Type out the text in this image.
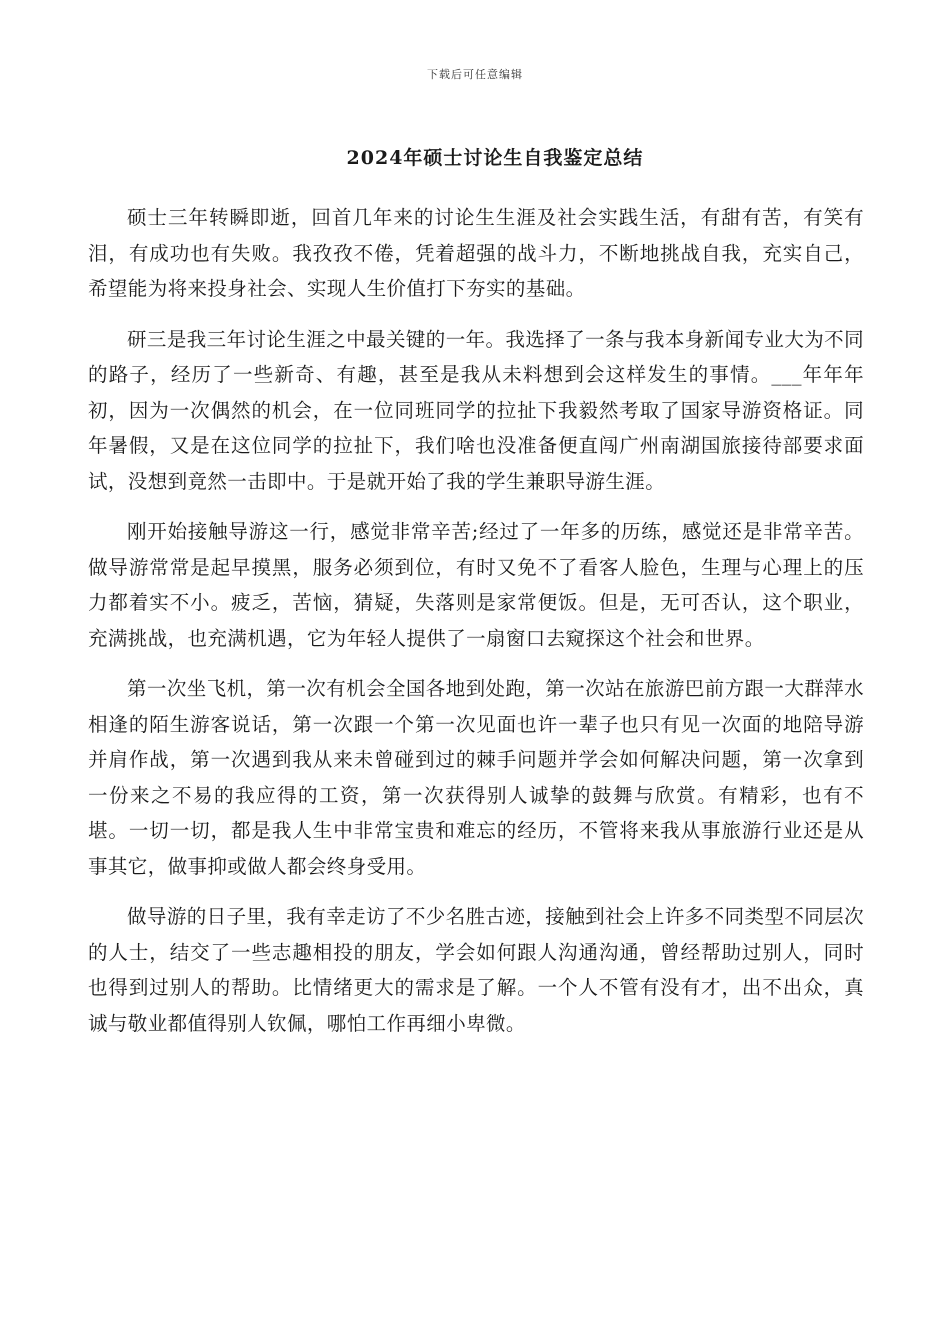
下载后可任意编辑
2024年硕士讨论生自我鉴定总结

硕士三年转瞬即逝，回首几年来的讨论生生涯及社会实践生活，有甜有苦，有笑有泪，有成功也有失败。我孜孜不倦，凭着超强的战斗力，不断地挑战自我，充实自己，希望能为将来投身社会、实现人生价值打下夯实的基础。

研三是我三年讨论生涯之中最关键的一年。我选择了一条与我本身新闻专业大为不同的路子，经历了一些新奇、有趣，甚至是我从未料想到会这样发生的事情。___年年年初，因为一次偶然的机会，在一位同班同学的拉扯下我毅然考取了国家导游资格证。同年暑假，又是在这位同学的拉扯下，我们啥也没准备便直闯广州南湖国旅接待部要求面试，没想到竟然一击即中。于是就开始了我的学生兼职导游生涯。

刚开始接触导游这一行，感觉非常辛苦;经过了一年多的历练，感觉还是非常辛苦。做导游常常是起早摸黑，服务必须到位，有时又免不了看客人脸色，生理与心理上的压力都着实不小。疲乏，苦恼，猜疑，失落则是家常便饭。但是，无可否认，这个职业，充满挑战，也充满机遇，它为年轻人提供了一扇窗口去窥探这个社会和世界。

第一次坐飞机，第一次有机会全国各地到处跑，第一次站在旅游巴前方跟一大群萍水相逢的陌生游客说话，第一次跟一个第一次见面也许一辈子也只有见一次面的地陪导游并肩作战，第一次遇到我从来未曾碰到过的棘手问题并学会如何解决问题，第一次拿到一份来之不易的我应得的工资，第一次获得别人诚挚的鼓舞与欣赏。有精彩，也有不堪。一切一切，都是我人生中非常宝贵和难忘的经历，不管将来我从事旅游行业还是从事其它，做事抑或做人都会终身受用。

做导游的日子里，我有幸走访了不少名胜古迹，接触到社会上许多不同类型不同层次的人士，结交了一些志趣相投的朋友，学会如何跟人沟通沟通，曾经帮助过别人，同时也得到过别人的帮助。比情绪更大的需求是了解。一个人不管有没有才，出不出众，真诚与敬业都值得别人钦佩，哪怕工作再细小卑微。
